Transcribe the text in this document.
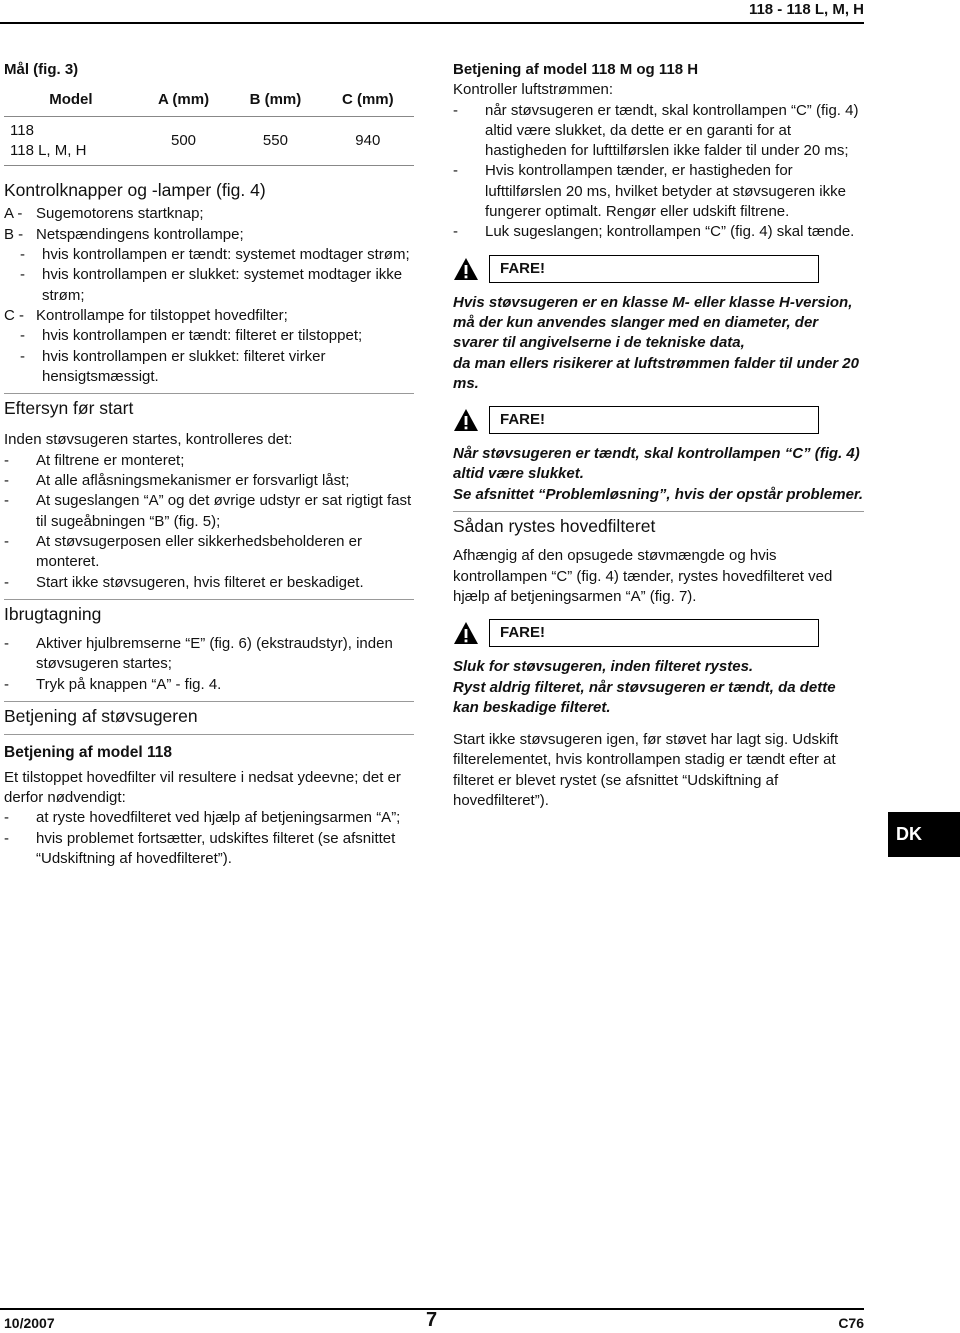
118 - 118 L, M, H

Mål (fig. 3)

Model	A (mm)	B (mm)	C (mm)

118
118 L, M, H	500	550	940

Kontrolknapper og -lamper (fig. 4)

A - Sugemotorens startknap;
B - Netspændingens kontrollampe;
- hvis kontrollampen er tændt: systemet modtager strøm;
- hvis kontrollampen er slukket: systemet modtager ikke strøm;
C - Kontrollampe for tilstoppet hovedfilter;
- hvis kontrollampen er tændt: filteret er tilstoppet;
- hvis kontrollampen er slukket: filteret virker hensigtsmæssigt.

Eftersyn før start

Inden støvsugeren startes, kontrolleres det:

- At filtrene er monteret;
- At alle aflåsningsmekanismer er forsvarligt låst;
- At sugeslangen “A” og det øvrige udstyr er sat rigtigt fast til sugeåbningen “B” (fig. 5);
- At støvsugerposen eller sikkerhedsbeholderen er monteret.
- Start ikke støvsugeren, hvis filteret er beskadiget.

Ibrugtagning

- Aktiver hjulbremserne “E” (fig. 6) (ekstraudstyr), inden støvsugeren startes;
- Tryk på knappen “A” - fig. 4.

Betjening af støvsugeren

Betjening af model 118

Et tilstoppet hovedfilter vil resultere i nedsat ydeevne; det er derfor nødvendigt:

- at ryste hovedfilteret ved hjælp af betjeningsarmen “A”;
- hvis problemet fortsætter, udskiftes filteret (se afsnittet “Udskiftning af hovedfilteret”).

Betjening af model 118 M og 118 H

Kontroller luftstrømmen:

- når støvsugeren er tændt, skal kontrollampen “C” (fig. 4) altid være slukket, da dette er en garanti for at hastigheden for lufttilførslen ikke falder til under 20 ms;
- Hvis kontrollampen tænder, er hastigheden for lufttilførslen 20 ms, hvilket betyder at støvsugeren ikke fungerer optimalt. Rengør eller udskift filtrene.
- Luk sugeslangen; kontrollampen “C” (fig. 4) skal tænde.
FARE!

Hvis støvsugeren er en klasse M- eller klasse H-version, må der kun anvendes slanger med en diameter, der svarer til angivelserne i de tekniske data,

da man ellers risikerer at luftstrømmen falder til under 20 ms.

FARE!

Når støvsugeren er tændt, skal kontrollampen “C” (fig. 4) altid være slukket.

Se afsnittet “Problemløsning”, hvis der opstår problemer.

Sådan rystes hovedfilteret

Afhængig af den opsugede støvmængde og hvis kontrollampen “C” (fig. 4) tænder, rystes hovedfilteret ved hjælp af betjeningsarmen “A” (fig. 7).

FARE!

Sluk for støvsugeren, inden filteret rystes.

Ryst aldrig filteret, når støvsugeren er tændt, da dette kan beskadige filteret.

Start ikke støvsugeren igen, før støvet har lagt sig. Udskift filterelementet, hvis kontrollampen stadig er tændt efter at filteret er blevet rystet (se afsnittet “Udskiftning af hovedfilteret”).

DK
10/2007	7	C76
